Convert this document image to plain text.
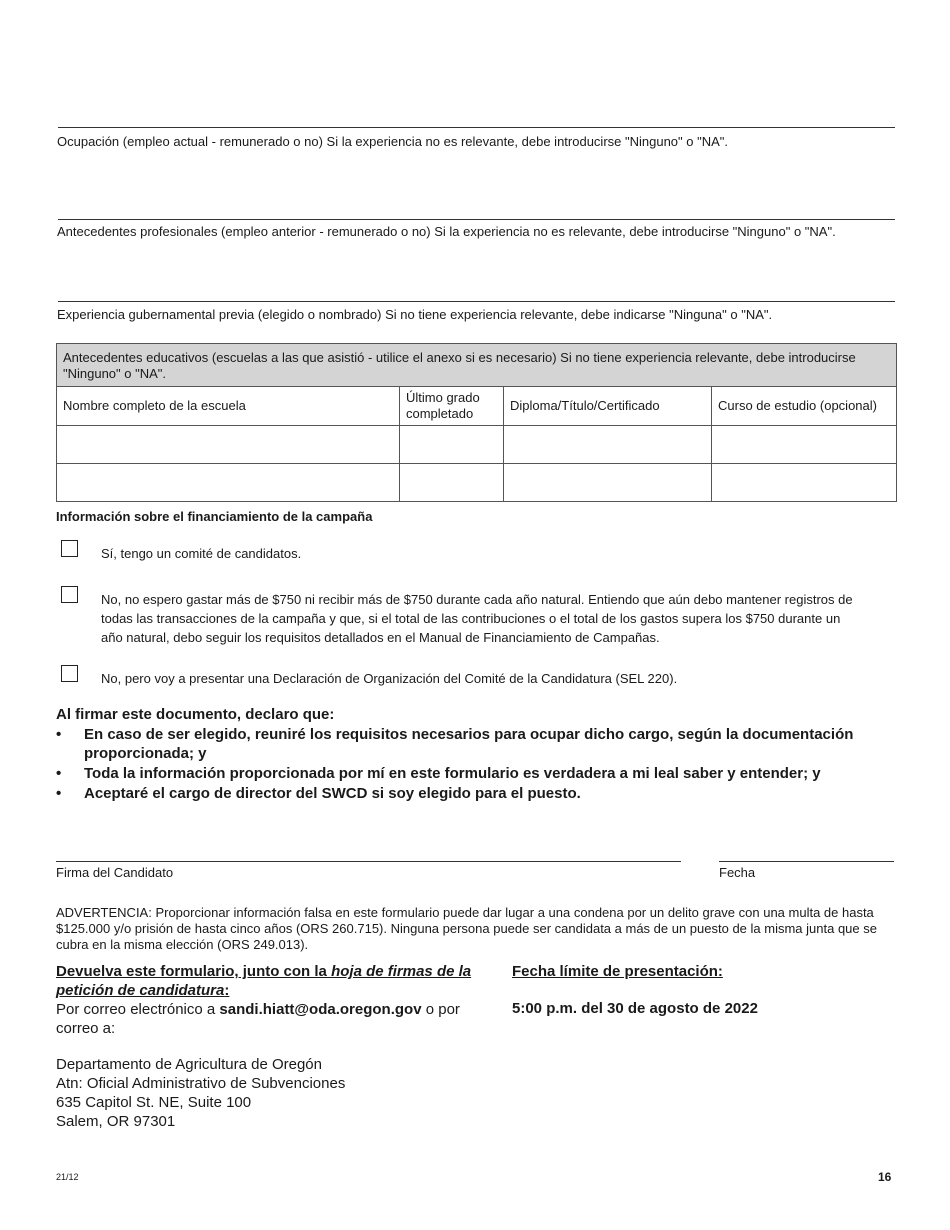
Ocupación (empleo actual - remunerado o no) Si la experiencia no es relevante, debe introducirse "Ninguno" o "NA".
Antecedentes profesionales (empleo anterior - remunerado o no) Si la experiencia no es relevante, debe introducirse "Ninguno" o "NA".
Experiencia gubernamental previa (elegido o nombrado) Si no tiene experiencia relevante, debe indicarse "Ninguna" o "NA".
Antecedentes educativos (escuelas a las que asistió - utilice el anexo si es necesario) Si no tiene experiencia relevante, debe introducirse "Ninguno" o "NA".			
Nombre completo de la escuela	Último grado completado	Diploma/Título/Certificado	Curso de estudio (opcional)

Información sobre el financiamiento de la campaña
Sí, tengo un comité de candidatos.
No, no espero gastar más de $750 ni recibir más de $750 durante cada año natural. Entiendo que aún debo mantener registros de todas las transacciones de la campaña y que, si el total de las contribuciones o el total de los gastos supera los $750 durante un año natural, debo seguir los requisitos detallados en el Manual de Financiamiento de Campañas.
No, pero voy a presentar una Declaración de Organización del Comité de la Candidatura (SEL 220).
Al firmar este documento, declaro que:
• En caso de ser elegido, reuniré los requisitos necesarios para ocupar dicho cargo, según la documentación proporcionada; y
• Toda la información proporcionada por mí en este formulario es verdadera a mi leal saber y entender; y
• Aceptaré el cargo de director del SWCD si soy elegido para el puesto.
Firma del Candidato	Fecha
ADVERTENCIA: Proporcionar información falsa en este formulario puede dar lugar a una condena por un delito grave con una multa de hasta $125.000 y/o prisión de hasta cinco años (ORS 260.715). Ninguna persona puede ser candidata a más de un puesto de la misma junta que se cubra en la misma elección (ORS 249.013).
Devuelva este formulario, junto con la hoja de firmas de la petición de candidatura:
Por correo electrónico a sandi.hiatt@oda.oregon.gov o por correo a:
Departamento de Agricultura de Oregón
Atn: Oficial Administrativo de Subvenciones
635 Capitol St. NE, Suite 100
Salem, OR 97301
Fecha límite de presentación:
5:00 p.m. del 30 de agosto de 2022
21/12	16
